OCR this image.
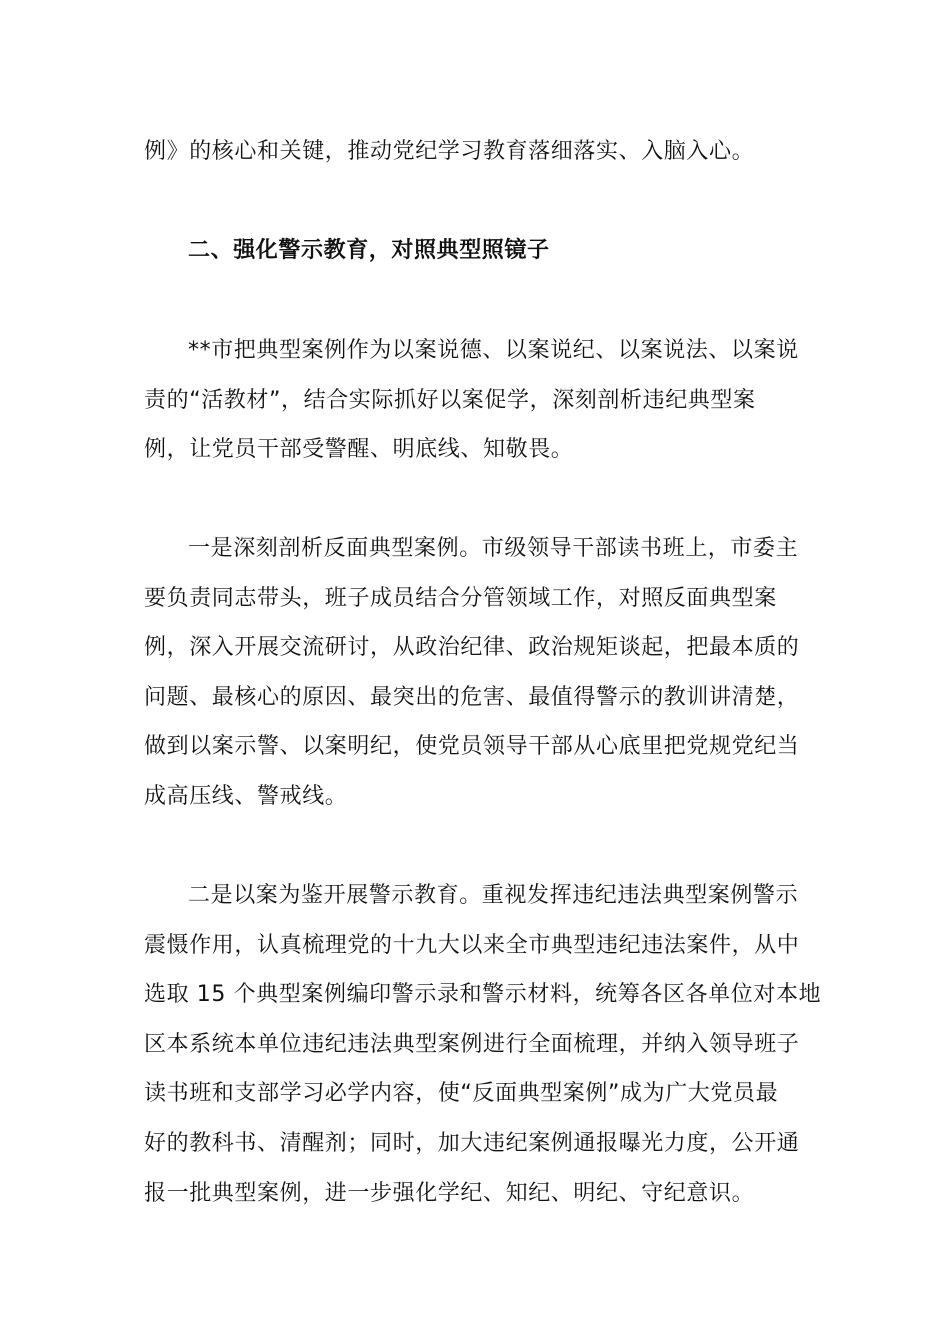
例》的核心和关键，推动党纪学习教育落细落实、入脑入心。
二、强化警示教育，对照典型照镜子
**市把典型案例作为以案说德、以案说纪、以案说法、以案说
责的“活教材”，结合实际抓好以案促学，深刻剖析违纪典型案
例，让党员干部受警醒、明底线、知敬畏。
一是深刻剖析反面典型案例。市级领导干部读书班上，市委主
要负责同志带头，班子成员结合分管领域工作，对照反面典型案
例，深入开展交流研讨，从政治纪律、政治规矩谈起，把最本质的
问题、最核心的原因、最突出的危害、最值得警示的教训讲清楚，
做到以案示警、以案明纪，使党员领导干部从心底里把党规党纪当
成高压线、警戒线。
二是以案为鉴开展警示教育。重视发挥违纪违法典型案例警示
震慑作用，认真梳理党的十九大以来全市典型违纪违法案件，从中
选取 15 个典型案例编印警示录和警示材料，统筹各区各单位对本地
区本系统本单位违纪违法典型案例进行全面梳理，并纳入领导班子
读书班和支部学习必学内容，使“反面典型案例”成为广大党员最
好的教科书、清醒剂；同时，加大违纪案例通报曝光力度，公开通
报一批典型案例，进一步强化学纪、知纪、明纪、守纪意识。
